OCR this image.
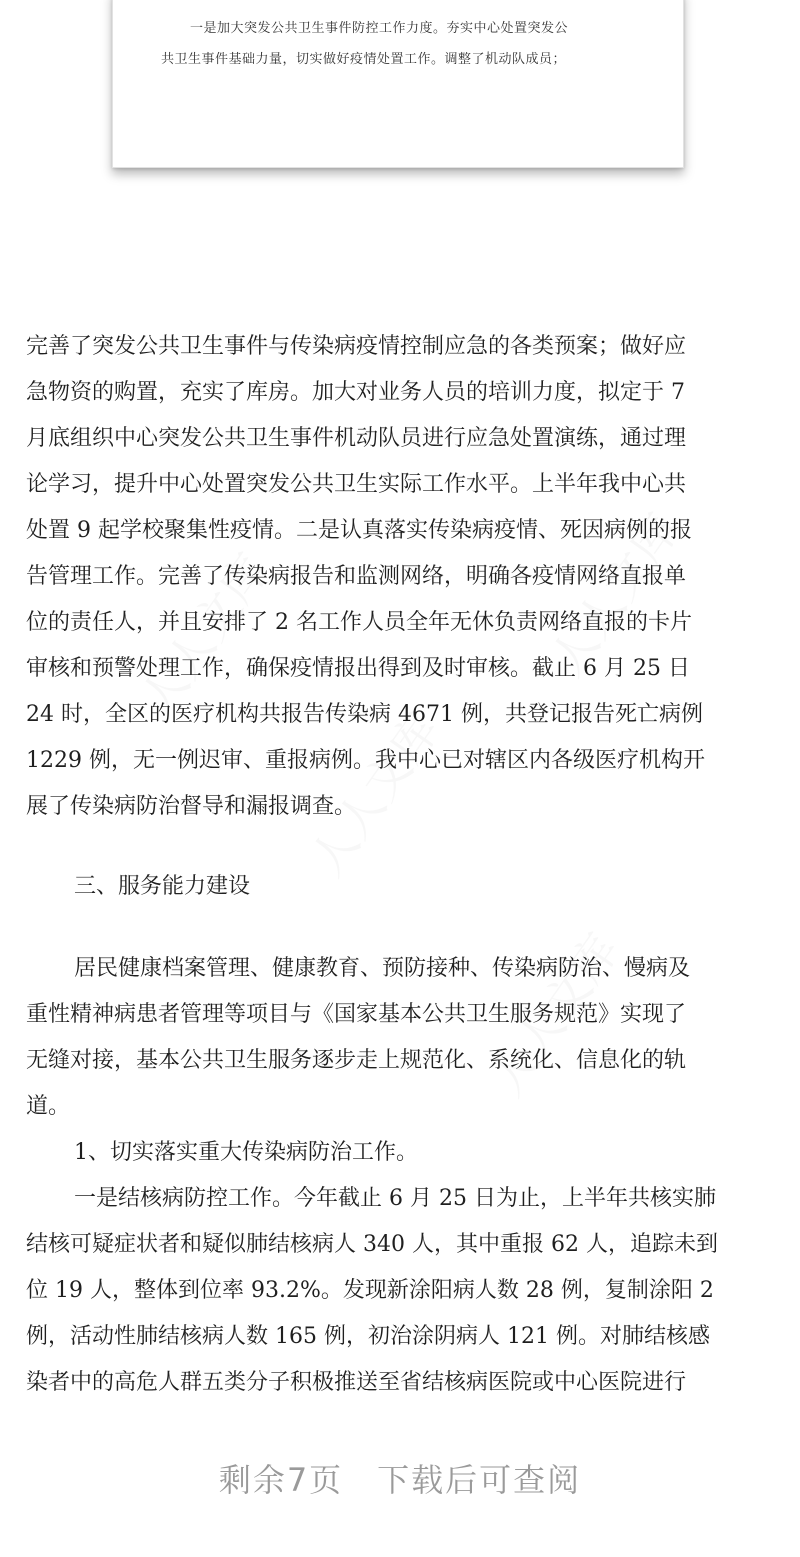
一是加大突发公共卫生事件防控工作力度。夯实中心处置突发公
共卫生事件基础力量，切实做好疫情处置工作。调整了机动队成员；
人人文库
人人文库
人人文库
人人文库
完善了突发公共卫生事件与传染病疫情控制应急的各类预案；做好应
急物资的购置，充实了库房。加大对业务人员的培训力度，拟定于 7
月底组织中心突发公共卫生事件机动队员进行应急处置演练，通过理
论学习，提升中心处置突发公共卫生实际工作水平。上半年我中心共
处置 9 起学校聚集性疫情。二是认真落实传染病疫情、死因病例的报
告管理工作。完善了传染病报告和监测网络，明确各疫情网络直报单
位的责任人，并且安排了 2 名工作人员全年无休负责网络直报的卡片
审核和预警处理工作，确保疫情报出得到及时审核。截止 6 月 25 日
24 时，全区的医疗机构共报告传染病 4671 例，共登记报告死亡病例
1229 例，无一例迟审、重报病例。我中心已对辖区内各级医疗机构开
展了传染病防治督导和漏报调查。
三、服务能力建设
居民健康档案管理、健康教育、预防接种、传染病防治、慢病及
重性精神病患者管理等项目与《国家基本公共卫生服务规范》实现了
无缝对接，基本公共卫生服务逐步走上规范化、系统化、信息化的轨
道。
1、切实落实重大传染病防治工作。
一是结核病防控工作。今年截止 6 月 25 日为止，上半年共核实肺
结核可疑症状者和疑似肺结核病人 340 人，其中重报 62 人，追踪未到
位 19 人，整体到位率 93.2%。发现新涂阳病人数 28 例，复制涂阳 2
例，活动性肺结核病人数 165 例，初治涂阴病人 121 例。对肺结核感
染者中的高危人群五类分子积极推送至省结核病医院或中心医院进行
剩余7页　下载后可查阅
